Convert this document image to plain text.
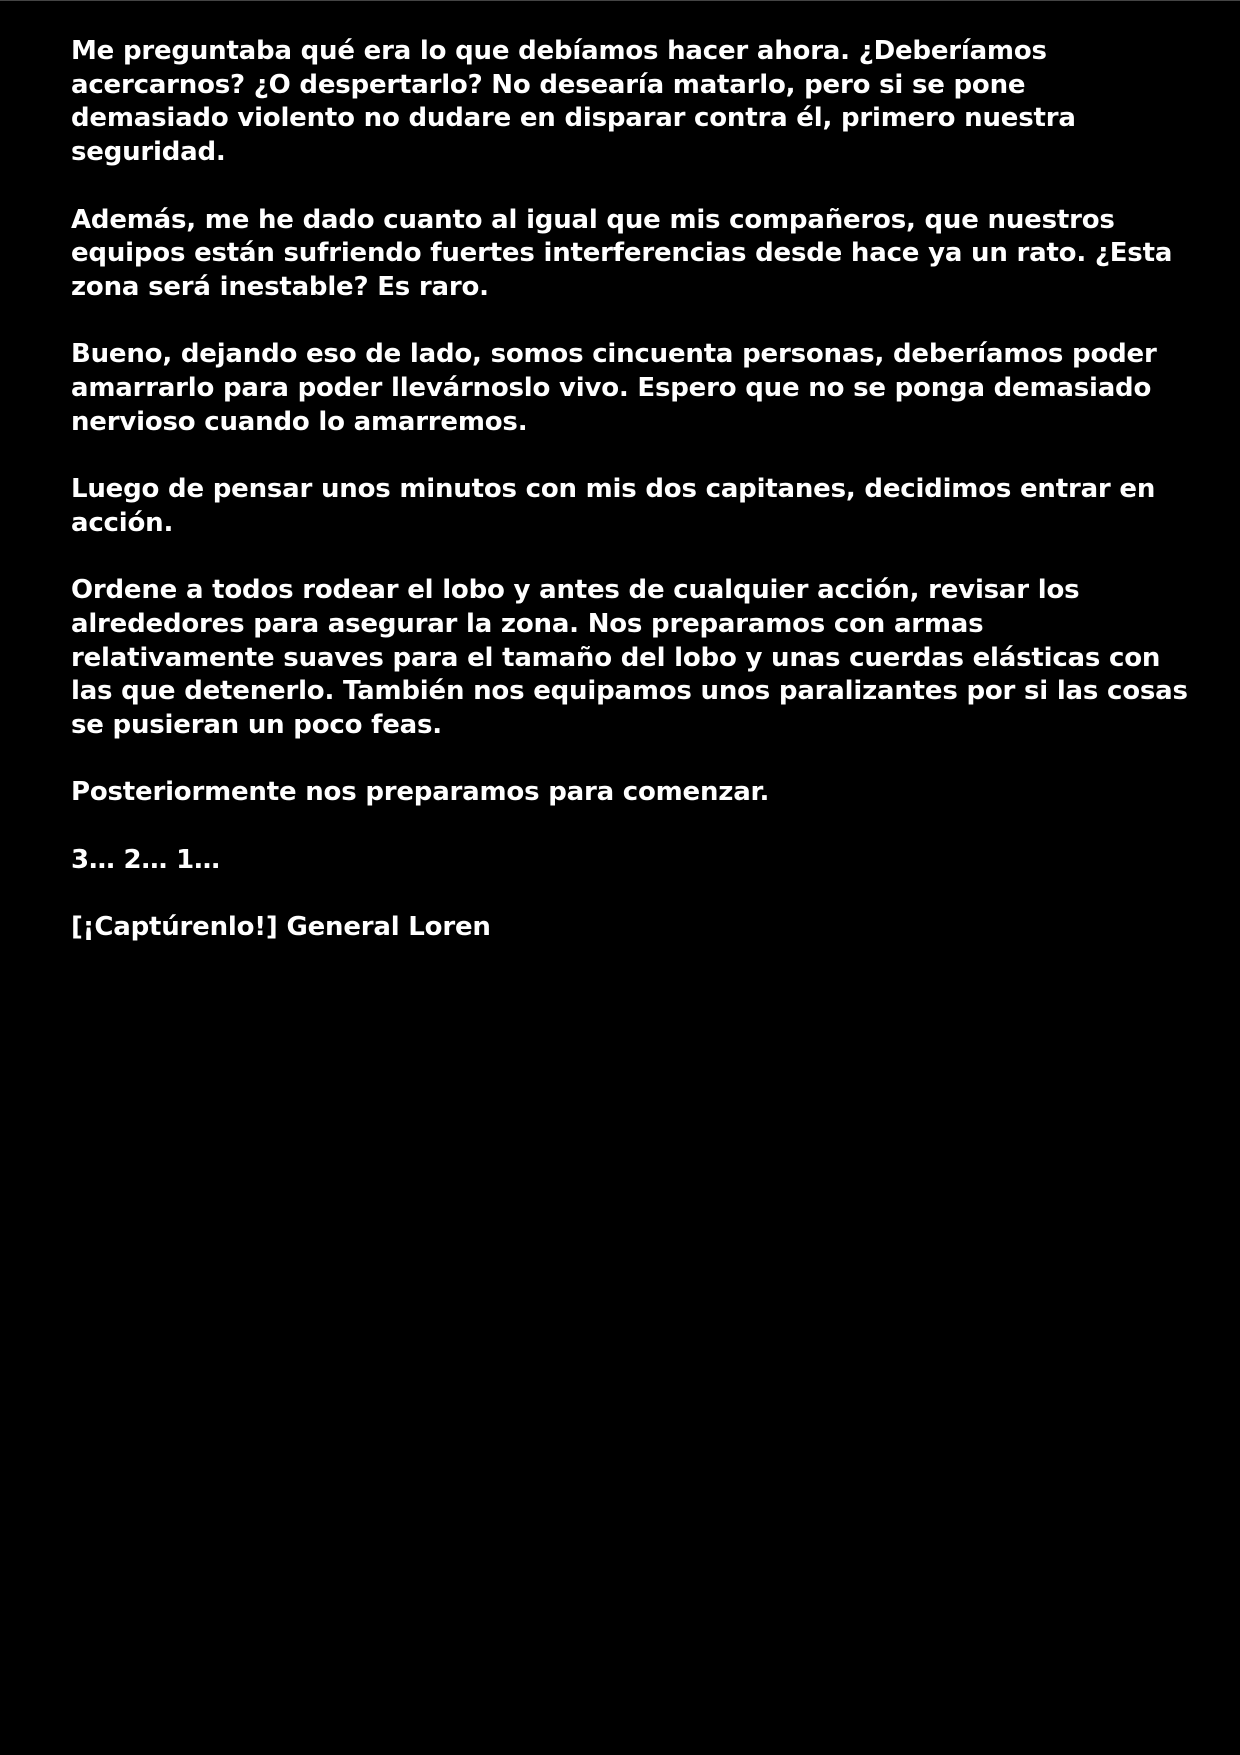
Me preguntaba qué era lo que debíamos hacer ahora. ¿Deberíamos acercarnos? ¿O despertarlo? No desearía matarlo, pero si se pone demasiado violento no dudare en disparar contra él, primero nuestra seguridad.

Además, me he dado cuanto al igual que mis compañeros, que nuestros equipos están sufriendo fuertes interferencias desde hace ya un rato. ¿Esta zona será inestable? Es raro.

Bueno, dejando eso de lado, somos cincuenta personas, deberíamos poder amarrarlo para poder llevárnoslo vivo. Espero que no se ponga demasiado nervioso cuando lo amarremos.

Luego de pensar unos minutos con mis dos capitanes, decidimos entrar en acción.

Ordene a todos rodear el lobo y antes de cualquier acción, revisar los alrededores para asegurar la zona. Nos preparamos con armas relativamente suaves para el tamaño del lobo y unas cuerdas elásticas con las que detenerlo. También nos equipamos unos paralizantes por si las cosas se pusieran un poco feas.

Posteriormente nos preparamos para comenzar.

3… 2… 1…

[¡Captúrenlo!] General Loren
